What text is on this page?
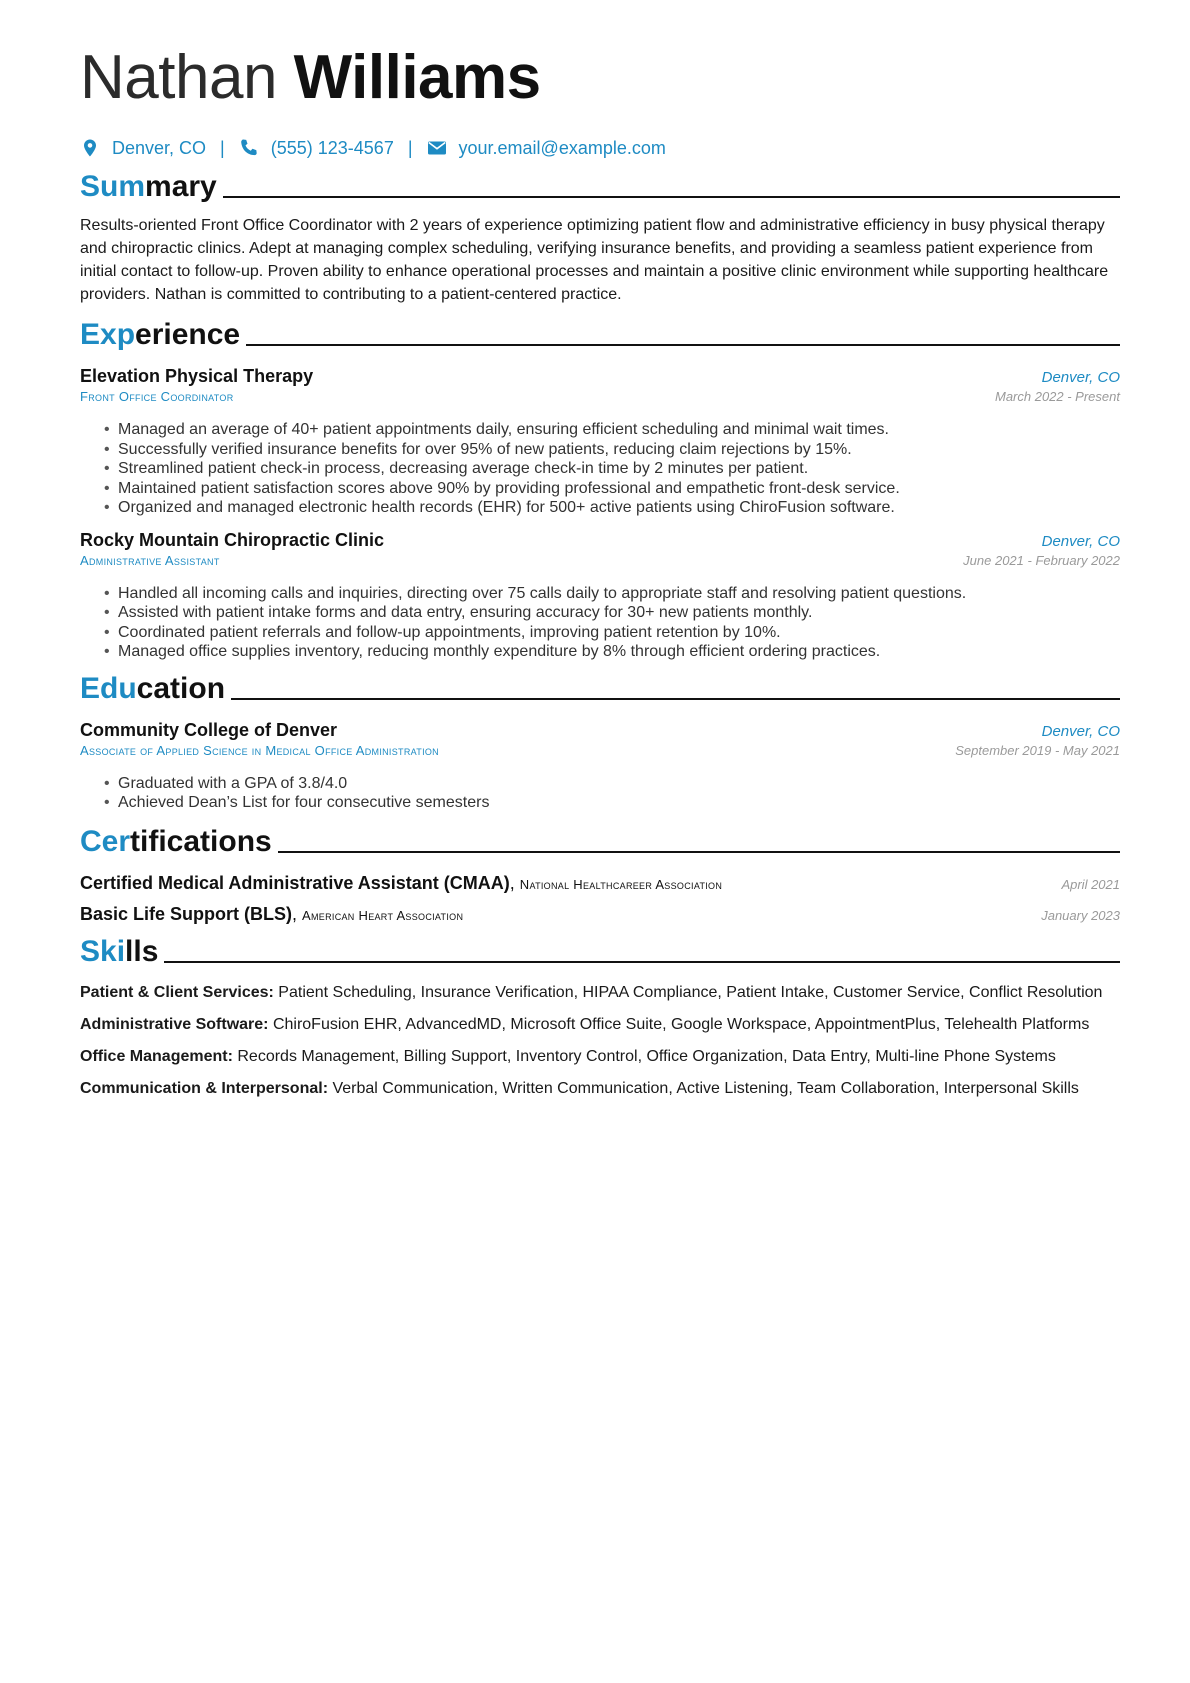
Nathan Williams
Denver, CO |	(555) 123-4567 |	your.email@example.com
Summary

Results-oriented Front Office Coordinator with 2 years of experience optimizing patient flow and administrative efficiency in busy physical therapy and chiropractic clinics. Adept at managing complex scheduling, verifying insurance benefits, and providing a seamless patient experience from initial contact to follow-up. Proven ability to enhance operational processes and maintain a positive clinic environment while supporting healthcare providers. Nathan is committed to contributing to a patient-centered practice.

Experience
Elevation Physical Therapy	Denver, CO
Front Office Coordinator	March 2022 - Present
• Managed an average of 40+ patient appointments daily, ensuring efficient scheduling and minimal wait times.
• Successfully verified insurance benefits for over 95% of new patients, reducing claim rejections by 15%.
• Streamlined patient check-in process, decreasing average check-in time by 2 minutes per patient.
• Maintained patient satisfaction scores above 90% by providing professional and empathetic front-desk service.
• Organized and managed electronic health records (EHR) for 500+ active patients using ChiroFusion software.
Rocky Mountain Chiropractic Clinic	Denver, CO
Administrative Assistant	June 2021 - February 2022
• Handled all incoming calls and inquiries, directing over 75 calls daily to appropriate staff and resolving patient questions.
• Assisted with patient intake forms and data entry, ensuring accuracy for 30+ new patients monthly.
• Coordinated patient referrals and follow-up appointments, improving patient retention by 10%.
• Managed office supplies inventory, reducing monthly expenditure by 8% through efficient ordering practices.
Education
Community College of Denver	Denver, CO
Associate of Applied Science in Medical Office Administration	September 2019 - May 2021
• Graduated with a GPA of 3.8/4.0
• Achieved Dean’s List for four consecutive semesters
Certifications
Certified Medical Administrative Assistant (CMAA), National Healthcareer Association	April 2021
Basic Life Support (BLS), American Heart Association	January 2023
Skills

Patient & Client Services: Patient Scheduling, Insurance Verification, HIPAA Compliance, Patient Intake, Customer Service, Conflict Resolution

Administrative Software: ChiroFusion EHR, AdvancedMD, Microsoft Office Suite, Google Workspace, AppointmentPlus, Telehealth Platforms

Office Management: Records Management, Billing Support, Inventory Control, Office Organization, Data Entry, Multi-line Phone Systems

Communication & Interpersonal: Verbal Communication, Written Communication, Active Listening, Team Collaboration, Interpersonal Skills
